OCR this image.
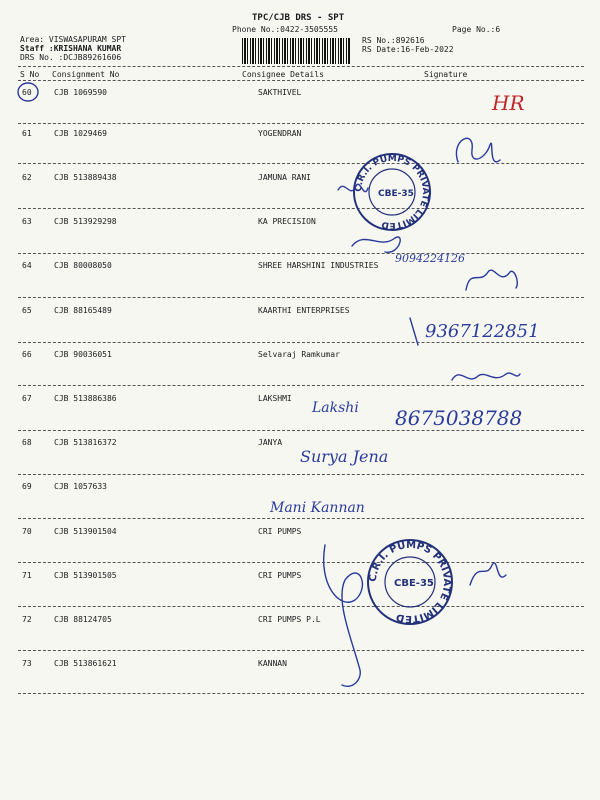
TPC/CJB DRS - SPT
Phone No.:0422-3505555	Page No.:6
Area: VISWASAPURAM SPT
Staff :KRISHANA KUMAR
DRS No. :DCJB89261606
RS No.:892616
RS Date:16-Feb-2022
S No Consignment No	Consignee Details	Signature
60	CJB 1069590	SAKTHIVEL
61	CJB 1029469	YOGENDRAN
62	CJB 513889438	JAMUNA RANI
63	CJB 513929298	KA PRECISION
64	CJB 80008050	SHREE HARSHINI INDUSTRIES
65	CJB 88165489	KAARTHI ENTERPRISES
66	CJB 90036051	Selvaraj Ramkumar
67	CJB 513886386	LAKSHMI
68	CJB 513816372	JANYA
69	CJB 1057633
70	CJB 513901504	CRI PUMPS
71	CJB 513901505	CRI PUMPS
72	CJB 88124705	CRI PUMPS P.L
73	CJB 513861621	KANNAN
HR
C.R.I. PUMPS PRIVATE LIMITED
CBE-35
9094224126
9367122851
Lakshi 8675038788
Surya Jena
Mani Kannan
C.R.I. PUMPS PRIVATE LIMITED
CBE-35
